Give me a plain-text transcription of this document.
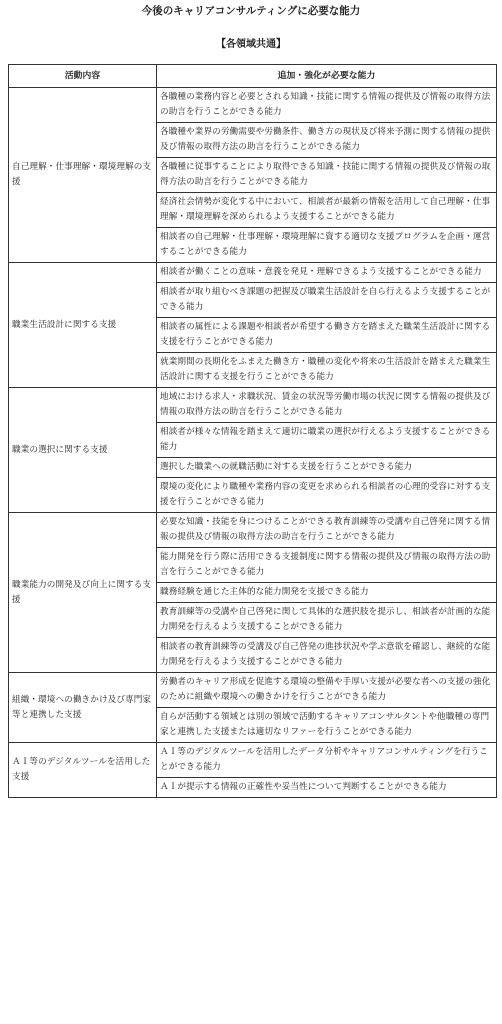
今後のキャリアコンサルティングに必要な能力
【各領域共通】
活動内容	追加・強化が必要な能力
自己理解・仕事理解・環境理解の支援	各職種の業務内容と必要とされる知識・技能に関する情報の提供及び情報の取得方法の助言を行うことができる能力
	各職種や業界の労働需要や労働条件、働き方の現状及び将来予測に関する情報の提供及び情報の取得方法の助言を行うことができる能力
	各職種に従事することにより取得できる知識・技能に関する情報の提供及び情報の取得方法の助言を行うことができる能力
	経済社会情勢が変化する中において、相談者が最新の情報を活用して自己理解・仕事理解・環境理解を深められるよう支援することができる能力
	相談者の自己理解・仕事理解・環境理解に資する適切な支援プログラムを企画・運営することができる能力
職業生活設計に関する支援	相談者が働くことの意味・意義を発見・理解できるよう支援することができる能力
	相談者が取り組むべき課題の把握及び職業生活設計を自ら行えるよう支援することができる能力
	相談者の属性による課題や相談者が希望する働き方を踏まえた職業生活設計に関する支援を行うことができる能力
	就業期間の長期化をふまえた働き方・職種の変化や将来の生活設計を踏まえた職業生活設計に関する支援を行うことができる能力
職業の選択に関する支援	地域における求人・求職状況、賃金の状況等労働市場の状況に関する情報の提供及び情報の取得方法の助言を行うことができる能力
	相談者が様々な情報を踏まえて適切に職業の選択が行えるよう支援することができる能力
	選択した職業への就職活動に対する支援を行うことができる能力
	環境の変化により職種や業務内容の変更を求められる相談者の心理的受容に対する支援を行うことができる能力
職業能力の開発及び向上に関する支援	必要な知識・技能を身につけることができる教育訓練等の受講や自己啓発に関する情報の提供及び情報の取得方法の助言を行うことができる能力
	能力開発を行う際に活用できる支援制度に関する情報の提供及び情報の取得方法の助言を行うことができる能力
	職務経験を通じた主体的な能力開発を支援できる能力
	教育訓練等の受講や自己啓発に関して具体的な選択肢を提示し、相談者が計画的な能力開発を行えるよう支援することができる能力
	相談者の教育訓練等の受講及び自己啓発の進捗状況や学ぶ意欲を確認し、継続的な能力開発を行えるよう支援することができる能力
組織・環境への働きかけ及び専門家等と連携した支援	労働者のキャリア形成を促進する環境の整備や手厚い支援が必要な者への支援の強化のために組織や環境への働きかけを行うことができる能力
	自らが活動する領域とは別の領域で活動するキャリアコンサルタントや他職種の専門家と連携した支援または適切なリファーを行うことができる能力
ＡＩ等のデジタルツールを活用した支援	ＡＩ等のデジタルツールを活用したデータ分析やキャリアコンサルティングを行うことができる能力
	ＡＩが提示する情報の正確性や妥当性について判断することができる能力
